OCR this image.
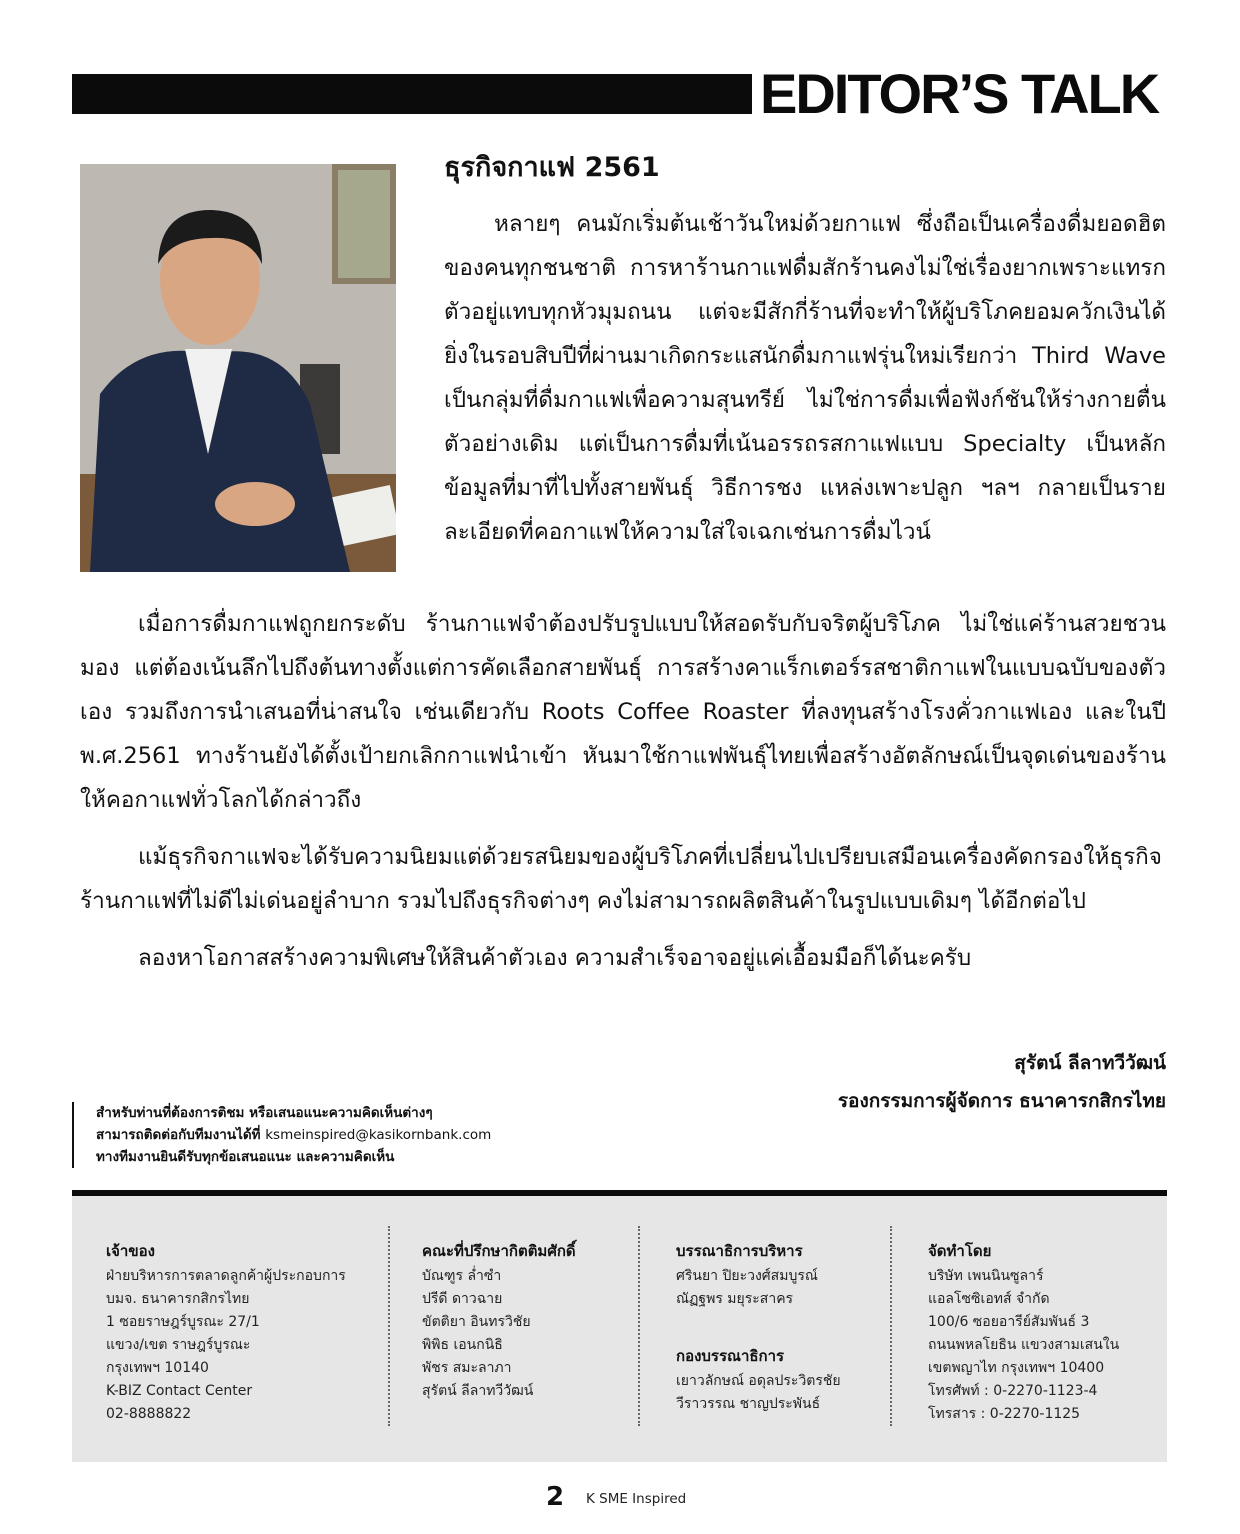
EDITOR’S TALK
ธุรกิจกาแฟ 2561

หลายๆ คนมักเริ่มต้นเช้าวันใหม่ด้วยกาแฟ ซึ่งถือเป็นเครื่องดื่มยอดฮิตของคนทุกชนชาติ การหาร้านกาแฟดื่มสักร้านคงไม่ใช่เรื่องยากเพราะแทรกตัวอยู่แทบทุกหัวมุมถนน แต่จะมีสักกี่ร้านที่จะทำให้ผู้บริโภคยอมควักเงินได้ ยิ่งในรอบสิบปีที่ผ่านมาเกิดกระแสนักดื่มกาแฟรุ่นใหม่เรียกว่า Third Wave เป็นกลุ่มที่ดื่มกาแฟเพื่อความสุนทรีย์ ไม่ใช่การดื่มเพื่อฟังก์ชันให้ร่างกายตื่นตัวอย่างเดิม แต่เป็นการดื่มที่เน้นอรรถรสกาแฟแบบ Specialty เป็นหลัก ข้อมูลที่มาที่ไปทั้งสายพันธุ์ วิธีการชง แหล่งเพาะปลูก ฯลฯ กลายเป็นรายละเอียดที่คอกาแฟให้ความใส่ใจเฉกเช่นการดื่มไวน์

เมื่อการดื่มกาแฟถูกยกระดับ ร้านกาแฟจำต้องปรับรูปแบบให้สอดรับกับจริตผู้บริโภค ไม่ใช่แค่ร้านสวยชวนมอง แต่ต้องเน้นลึกไปถึงต้นทางตั้งแต่การคัดเลือกสายพันธุ์ การสร้างคาแร็กเตอร์รสชาติกาแฟในแบบฉบับของตัวเอง รวมถึงการนำเสนอที่น่าสนใจ เช่นเดียวกับ Roots Coffee Roaster ที่ลงทุนสร้างโรงคั่วกาแฟเอง และในปี พ.ศ.2561 ทางร้านยังได้ตั้งเป้ายกเลิกกาแฟนำเข้า หันมาใช้กาแฟพันธุ์ไทยเพื่อสร้างอัตลักษณ์เป็นจุดเด่นของร้านให้คอกาแฟทั่วโลกได้กล่าวถึง

แม้ธุรกิจกาแฟจะได้รับความนิยมแต่ด้วยรสนิยมของผู้บริโภคที่เปลี่ยนไปเปรียบเสมือนเครื่องคัดกรองให้ธุรกิจร้านกาแฟที่ไม่ดีไม่เด่นอยู่ลำบาก รวมไปถึงธุรกิจต่างๆ คงไม่สามารถผลิตสินค้าในรูปแบบเดิมๆ ได้อีกต่อไป

ลองหาโอกาสสร้างความพิเศษให้สินค้าตัวเอง ความสำเร็จอาจอยู่แค่เอื้อมมือก็ได้นะครับ

สุรัตน์ ลีลาทวีวัฒน์
รองกรรมการผู้จัดการ ธนาคารกสิกรไทย
สำหรับท่านที่ต้องการติชม หรือเสนอแนะความคิดเห็นต่างๆ
สามารถติดต่อกับทีมงานได้ที่ ksmeinspired@kasikornbank.com
ทางทีมงานยินดีรับทุกข้อเสนอแนะ และความคิดเห็น
เจ้าของ
ฝ่ายบริหารการตลาดลูกค้าผู้ประกอบการ
บมจ. ธนาคารกสิกรไทย
1 ซอยราษฎร์บูรณะ 27/1
แขวง/เขต ราษฎร์บูรณะ
กรุงเทพฯ 10140
K-BIZ Contact Center
02-8888822
คณะที่ปรึกษากิตติมศักดิ์
บัณฑูร ล่ำซำ
ปรีดี ดาวฉาย
ขัตติยา อินทรวิชัย
พิพิธ เอนกนิธิ
พัชร สมะลาภา
สุรัตน์ ลีลาทวีวัฒน์
บรรณาธิการบริหาร
ศรินยา ปิยะวงศ์สมบูรณ์
ณัฏฐพร มยุระสาคร
กองบรรณาธิการ
เยาวลักษณ์ อดุลประวิตรชัย
วีราวรรณ ชาญประพันธ์
จัดทำโดย
บริษัท เพนนินซูลาร์
แอลโซซิเอทส์ จำกัด
100/6 ซอยอารีย์สัมพันธ์ 3
ถนนพหลโยธิน แขวงสามเสนใน
เขตพญาไท กรุงเทพฯ 10400
โทรศัพท์ : 0-2270-1123-4
โทรสาร : 0-2270-1125
2 K SME Inspired
